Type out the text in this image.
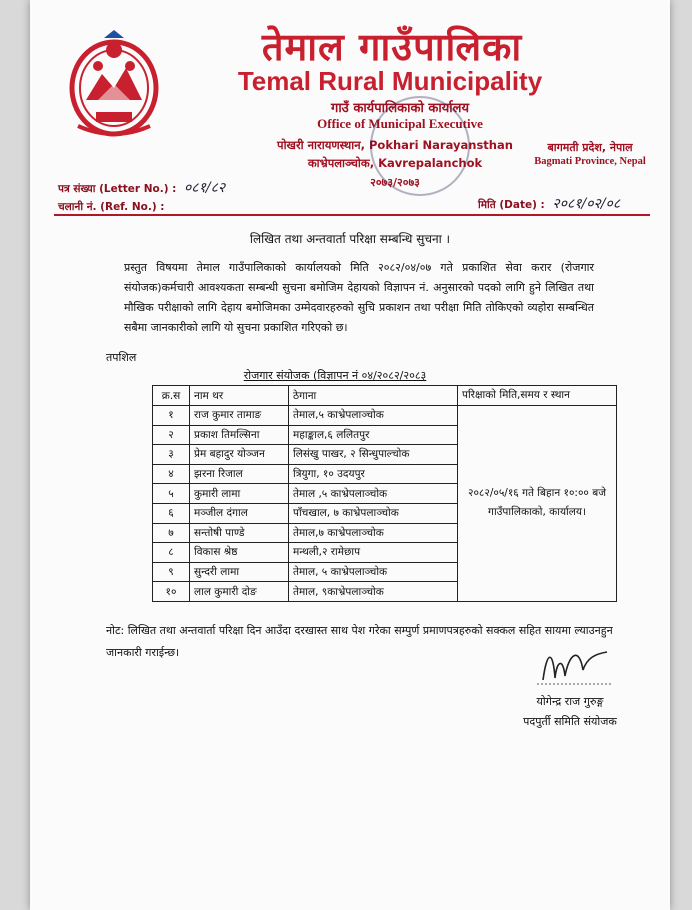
तेमाल गाउँपालिका
Temal Rural Municipality
गाउँ कार्यपालिकाको कार्यालय
Office of Municipal Executive
पोखरी नारायणस्थान, Pokhari Narayansthan
काभ्रेपलाञ्चोक, Kavrepalanchok
२०७३/२०७३
बागमती प्रदेश, नेपाल
Bagmati Province, Nepal
पत्र संख्या (Letter No.) : ०८१/८२
चलानी नं. (Ref. No.) :	मिति (Date) : २०८१/०२/०८
लिखित तथा अन्तवार्ता परिक्षा सम्बन्धि सुचना ।
प्रस्तुत विषयमा तेमाल गाउँपालिकाको कार्यालयको मिति २०८२/०४/०७ गते प्रकाशित सेवा करार (रोजगार संयोजक)कर्मचारी आवश्यकता सम्बन्धी सुचना बमोजिम देहायको विज्ञापन नं. अनुसारको पदको लागि हुने लिखित तथा मौखिक परीक्षाको लागि देहाय बमोजिमका उम्मेदवारहरुको सुचि प्रकाशन तथा परीक्षा मिति तोकिएको व्यहोरा सम्बन्धित सबैमा जानकारीको लागि यो सुचना प्रकाशित गरिएको छ।
तपशिल
रोजगार संयोजक (विज्ञापन नं ०४/२०८२/२०८३
क्र.स	नाम थर	ठेगाना	परिक्षाको मिति,समय र स्थान
१	राज कुमार तामाङ	तेमाल,५ काभ्रेपलाञ्चोक	२०८२/०५/१६ गते बिहान १०:०० बजे गाउँपालिकाको, कार्यालय।
२	प्रकाश तिमल्सिना	महाङ्काल,६ ललितपुर	
३	प्रेम बहादुर योञ्जन	लिसंखु पाखर, २ सिन्धुपाल्चोक	
४	झरना रिजाल	त्रियुगा, १० उदयपुर	
५	कुमारी लामा	तेमाल ,५ काभ्रेपलाञ्चोक	
६	मञ्जील दंगाल	पाँचखाल, ७ काभ्रेपलाञ्चोक	
७	सन्तोषी पाण्डे	तेमाल,७ काभ्रेपलाञ्चोक	
८	विकास श्रेष्ठ	मन्थली,२ रामेछाप	
९	सुन्दरी लामा	तेमाल, ५ काभ्रेपलाञ्चोक	
१०	लाल कुमारी दोङ	तेमाल, ९काभ्रेपलाञ्चोक	
नोट: लिखित तथा अन्तवार्ता परिक्षा दिन आउँदा दरखास्त साथ पेश गरेका सम्पुर्ण प्रमाणपत्रहरुको सक्कल सहित सायमा ल्याउनहुन जानकारी गराईन्छ।
योगेन्द्र राज गुरुङ्ग
पदपुर्ती समिति संयोजक
